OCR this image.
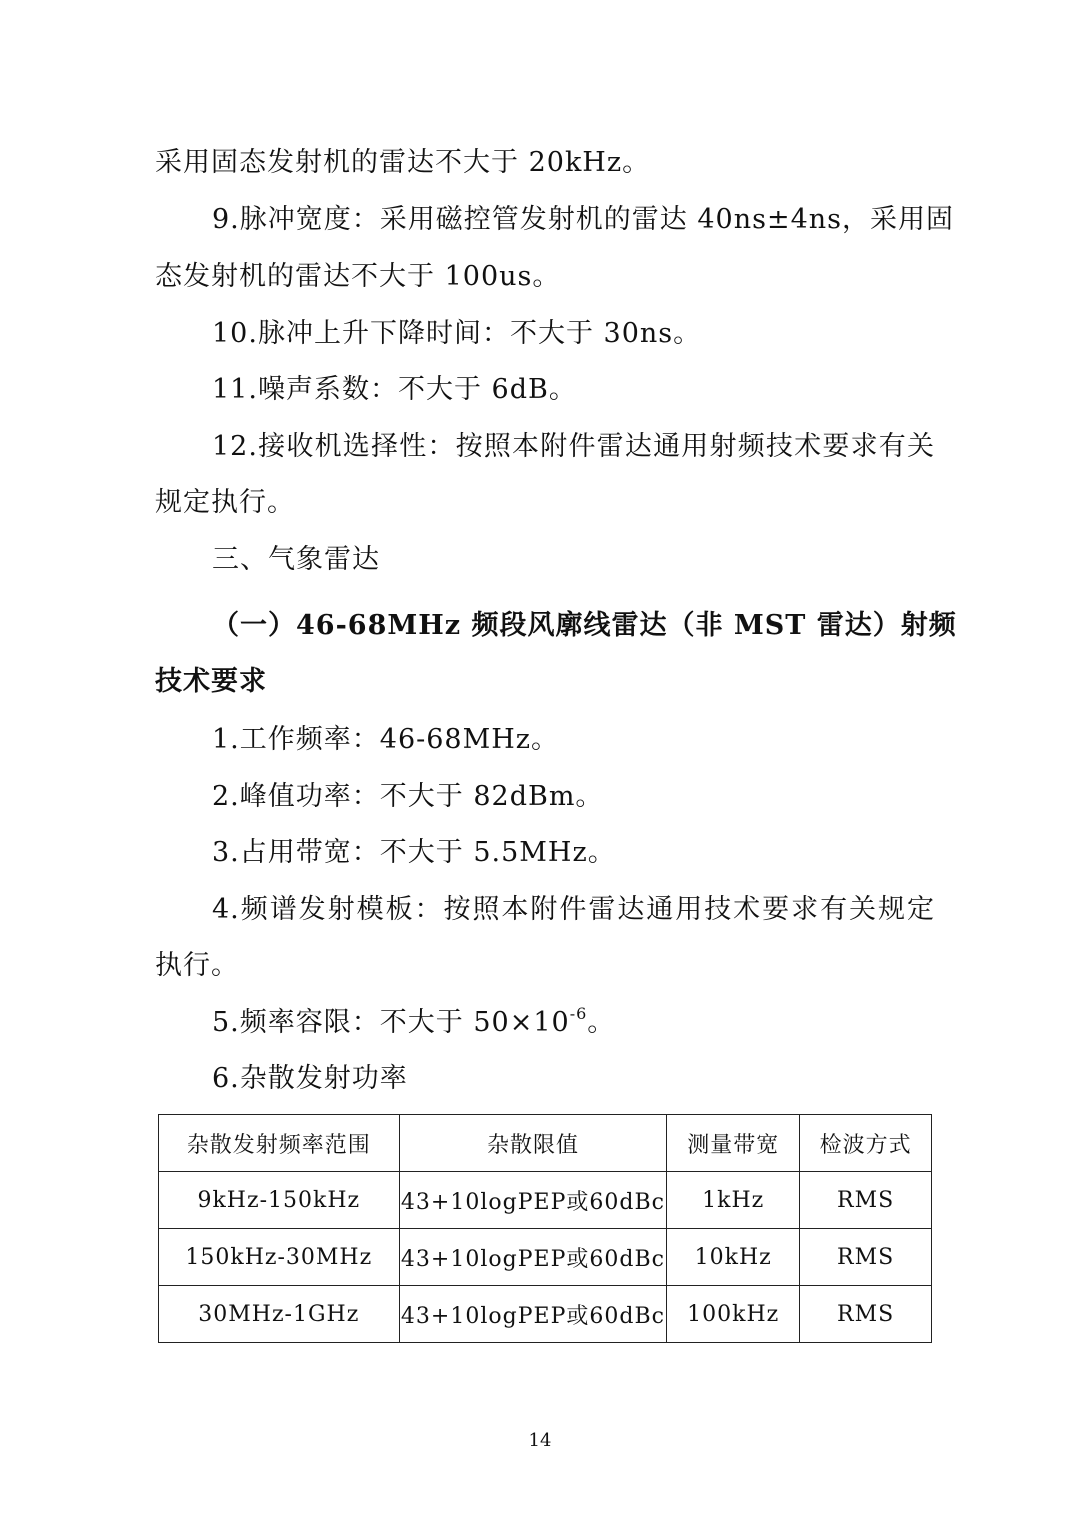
采用固态发射机的雷达不大于 20kHz。
9.脉冲宽度：采用磁控管发射机的雷达 40ns±4ns，采用固
态发射机的雷达不大于 100us。
10.脉冲上升下降时间：不大于 30ns。
11.噪声系数：不大于 6dB。
12.接收机选择性：按照本附件雷达通用射频技术要求有关
规定执行。
三、气象雷达
（一）46-68MHz 频段风廓线雷达（非 MST 雷达）射频
技术要求
1.工作频率：46-68MHz。
2.峰值功率：不大于 82dBm。
3.占用带宽：不大于 5.5MHz。
4.频谱发射模板：按照本附件雷达通用技术要求有关规定
执行。
5.频率容限：不大于 $50\times 10^{-6}$。
6.杂散发射功率
杂散发射频率范围	杂散限值	测量带宽	检波方式
9kHz-150kHz	43+10logPEP或60dBc	1kHz	RMS
150kHz-30MHz	43+10logPEP或60dBc	10kHz	RMS
30MHz-1GHz	43+10logPEP或60dBc	100kHz	RMS
14
